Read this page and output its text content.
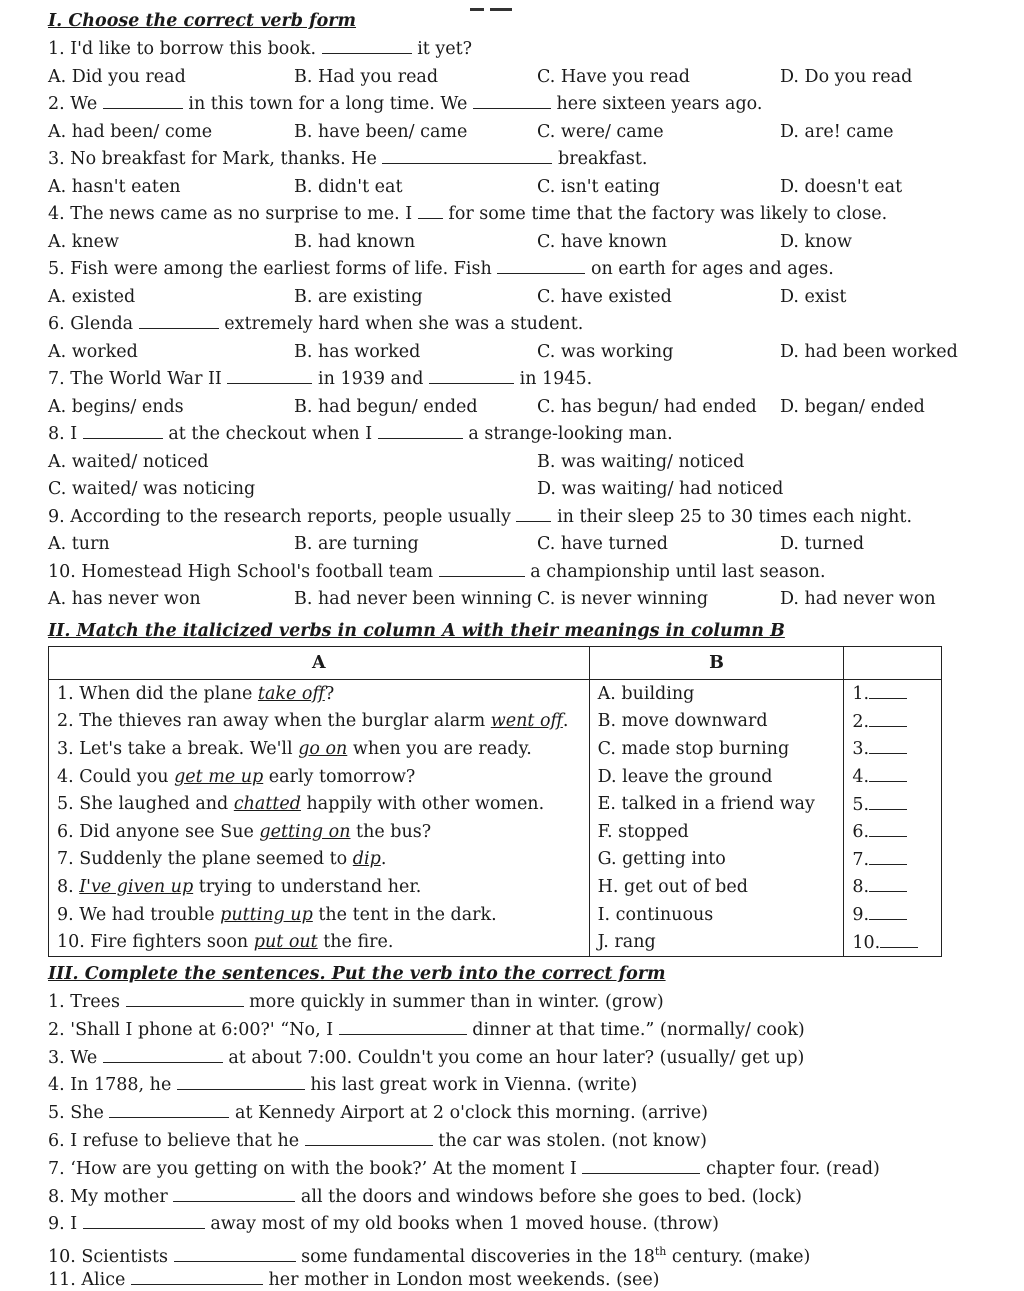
I. Choose the correct verb form
1. I'd like to borrow this book.	it yet?
A. Did you read	B. Had you read	C. Have you read	D. Do you read
2. We	in this town for a long time. We	here sixteen years ago.
A. had been/ come	B. have been/ came	C. were/ came	D. are! came
3. No breakfast for Mark, thanks. He	breakfast.
A. hasn't eaten	B. didn't eat	C. isn't eating	D. doesn't eat
4. The news came as no surprise to me. I for some time that the factory was likely to close.
A. knew	B. had known	C. have known	D. know
5. Fish were among the earliest forms of life. Fish	on earth for ages and ages.
A. existed	B. are existing	C. have existed	D. exist
6. Glenda	extremely hard when she was a student.
A. worked	B. has worked	C. was working	D. had been worked
7. The World War II	in 1939 and	in 1945.
A. begins/ ends	B. had begun/ ended	C. has begun/ had ended D. began/ ended
8. I	at the checkout when I	a strange-looking man.
A. waited/ noticed	B. was waiting/ noticed
C. waited/ was noticing	D. was waiting/ had noticed
9. According to the research reports, people usually	in their sleep 25 to 30 times each night.
A. turn	B. are turning	C. have turned	D. turned
10. Homestead High School's football team	a championship until last season.
A. has never won	B. had never been winning C. is never winning	D. had never won
II. Match the italicized verbs in column A with their meanings in column B
A	B	
1. When did the plane take off?	A. building	1.
2. The thieves ran away when the burglar alarm went off.	B. move downward	2.
3. Let's take a break. We'll go on when you are ready.	C. made stop burning	3.
4. Could you get me up early tomorrow?	D. leave the ground	4.
5. She laughed and chatted happily with other women.	E. talked in a friend way	5.
6. Did anyone see Sue getting on the bus?	F. stopped	6.
7. Suddenly the plane seemed to dip.	G. getting into	7.
8. I've given up trying to understand her.	H. get out of bed	8.
9. We had trouble putting up the tent in the dark.	I. continuous	9.
10. Fire fighters soon put out the fire.	J. rang	10.
III. Complete the sentences. Put the verb into the correct form
1. Trees	more quickly in summer than in winter. (grow)
2. 'Shall I phone at 6:00?' “No, I	dinner at that time.” (normally/ cook)
3. We	at about 7:00. Couldn't you come an hour later? (usually/ get up)
4. In 1788, he	his last great work in Vienna. (write)
5. She	at Kennedy Airport at 2 o'clock this morning. (arrive)
6. I refuse to believe that he	the car was stolen. (not know)
7. ‘How are you getting on with the book?’ At the moment I	chapter four. (read)
8. My mother	all the doors and windows before she goes to bed. (lock)
9. I	away most of my old books when 1 moved house. (throw)
10. Scientists	some fundamental discoveries in the 18th century. (make)
11. Alice	her mother in London most weekends. (see)
